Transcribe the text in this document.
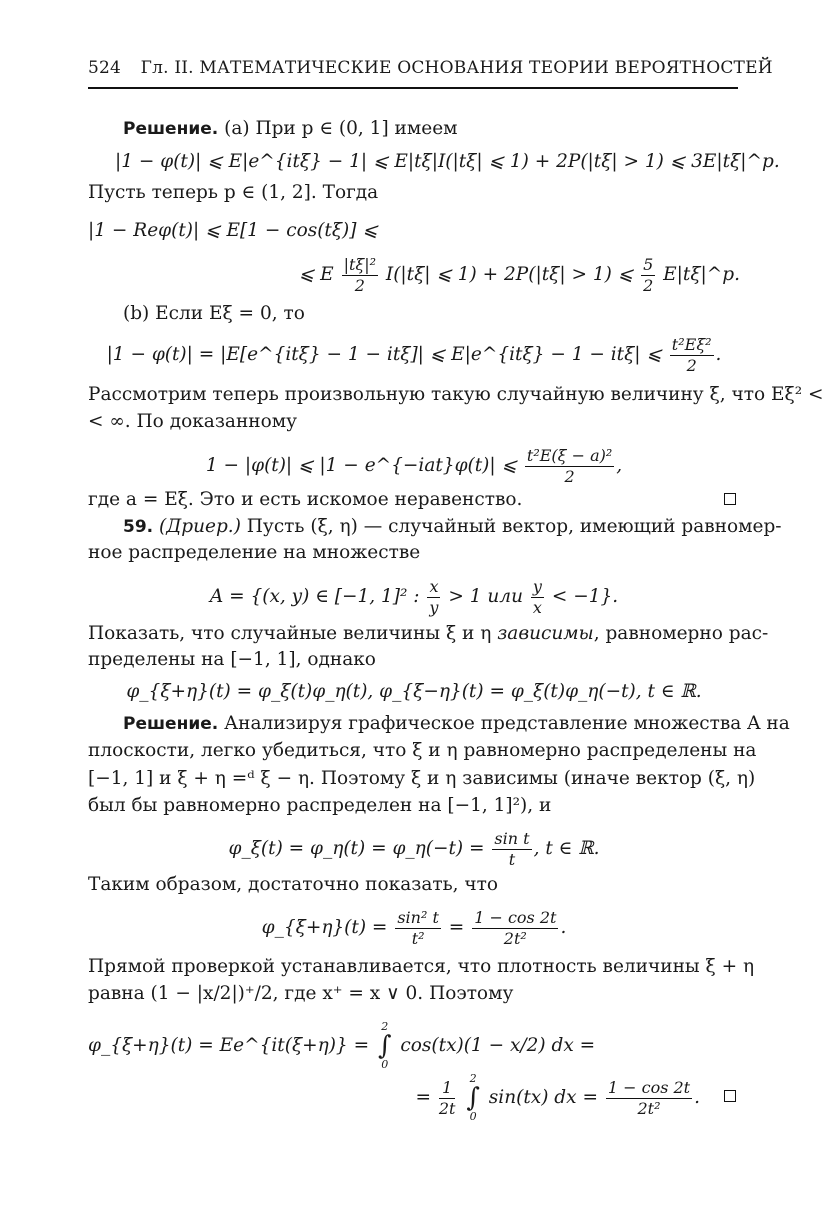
524 Гл. II. МАТЕМАТИЧЕСКИЕ ОСНОВАНИЯ ТЕОРИИ ВЕРОЯТНОСТЕЙ
Решение. (а) При p ∈ (0, 1] имеем
|1 − φ(t)| ⩽ E|e^{itξ} − 1| ⩽ E|tξ|I(|tξ| ⩽ 1) + 2P(|tξ| > 1) ⩽ 3E|tξ|^p.
Пусть теперь p ∈ (1, 2]. Тогда
|1 − Reφ(t)| ⩽ E[1 − cos(tξ)] ⩽
⩽ E $\frac{\text{|tξ|²}}{2} I(|t\xi|$ ⩽ 1) + 2P(|tξ| > 1) ⩽ $\frac{5}{2}$ E|tξ|^p.
(b) Если Eξ = 0, то
|1 − φ(t)| = |E[e^{itξ} − 1 − itξ]| ⩽ E|e^{itξ} − 1 − itξ| ⩽ $\frac{\text{t²Eξ²}}{2}$ .
Рассмотрим теперь произвольную такую случайную величину ξ, что Eξ² <
< ∞. По доказанному
1 − |φ(t)| ⩽ |1 − e^{−iat}φ(t)| ⩽ $\frac{\text{t²E(ξ − a)²}}{2}$ ,
где a = Eξ. Это и есть искомое неравенство.
59. (Дриер.) Пусть (ξ, η) — случайный вектор, имеющий равномер-
ное распределение на множестве
A = {(x, y) ∈ [−1, 1]² : $\frac{x}{y} > 1$ или $\frac{y}{x} < -1$}.
Показать, что случайные величины ξ и η зависимы, равномерно рас-
пределены на [−1, 1], однако
φ_{ξ+η}(t) = φ_ξ(t)φ_η(t), φ_{ξ−η}(t) = φ_ξ(t)φ_η(−t), t ∈ ℝ.
Решение. Анализируя графическое представление множества A на
плоскости, легко убедиться, что ξ и η равномерно распределены на
[−1, 1] и ξ + η =ᵈ ξ − η. Поэтому ξ и η зависимы (иначе вектор (ξ, η)
был бы равномерно распределен на [−1, 1]²), и
φ_ξ(t) = φ_η(t) = φ_η(−t) = $\frac{\text{sin t}}{t}$ , t ∈ ℝ.
Таким образом, достаточно показать, что
φ_{ξ+η}(t) = $\frac{\text{sin² t}}{\text{t²}} = \frac{1 - \cos 2t}{\text{2t²}}$ .
Прямой проверкой устанавливается, что плотность величины ξ + η
равна (1 − |x/2|)⁺/2, где x⁺ = x ∨ 0. Поэтому
φ_{ξ+η}(t) = Ee^{it(ξ+η)} = 2
∫
0 cos(tx)(1 − x/2) dx =
= $\frac{1}{2t} 2$
∫
0 sin(tx) dx = $\frac{1 - \cos 2t}{\text{2t²}}$ .
